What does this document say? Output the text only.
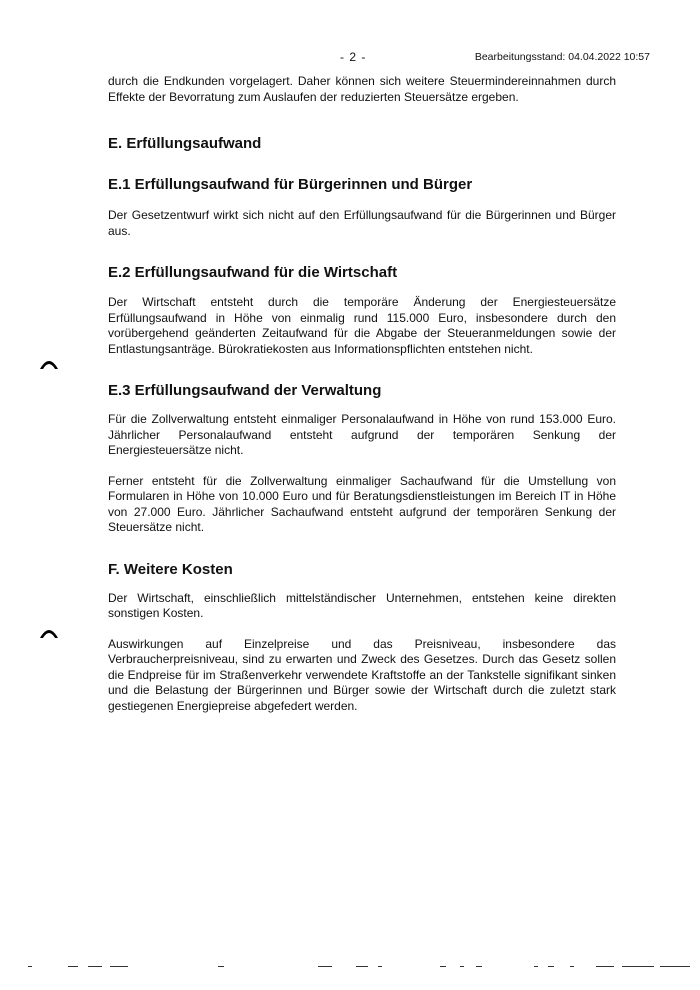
- 2 -	Bearbeitungsstand: 04.04.2022 10:57

durch die Endkunden vorgelagert. Daher können sich weitere Steuermindereinnahmen durch Effekte der Bevorratung zum Auslaufen der reduzierten Steuersätze ergeben.

E. Erfüllungsaufwand
E.1 Erfüllungsaufwand für Bürgerinnen und Bürger

Der Gesetzentwurf wirkt sich nicht auf den Erfüllungsaufwand für die Bürgerinnen und Bürger aus.

E.2 Erfüllungsaufwand für die Wirtschaft

Der Wirtschaft entsteht durch die temporäre Änderung der Energiesteuersätze Erfüllungsaufwand in Höhe von einmalig rund 115.000 Euro, insbesondere durch den vorübergehend geänderten Zeitaufwand für die Abgabe der Steueranmeldungen sowie der Entlastungsanträge. Bürokratiekosten aus Informationspflichten entstehen nicht.

E.3 Erfüllungsaufwand der Verwaltung

Für die Zollverwaltung entsteht einmaliger Personalaufwand in Höhe von rund 153.000 Euro. Jährlicher Personalaufwand entsteht aufgrund der temporären Senkung der Energiesteuersätze nicht.

Ferner entsteht für die Zollverwaltung einmaliger Sachaufwand für die Umstellung von Formularen in Höhe von 10.000 Euro und für Beratungsdienstleistungen im Bereich IT in Höhe von 27.000 Euro. Jährlicher Sachaufwand entsteht aufgrund der temporären Senkung der Steuersätze nicht.

F. Weitere Kosten

Der Wirtschaft, einschließlich mittelständischer Unternehmen, entstehen keine direkten sonstigen Kosten.

Auswirkungen auf Einzelpreise und das Preisniveau, insbesondere das Verbraucherpreisniveau, sind zu erwarten und Zweck des Gesetzes. Durch das Gesetz sollen die Endpreise für im Straßenverkehr verwendete Kraftstoffe an der Tankstelle signifikant sinken und die Belastung der Bürgerinnen und Bürger sowie der Wirtschaft durch die zuletzt stark gestiegenen Energiepreise abgefedert werden.
